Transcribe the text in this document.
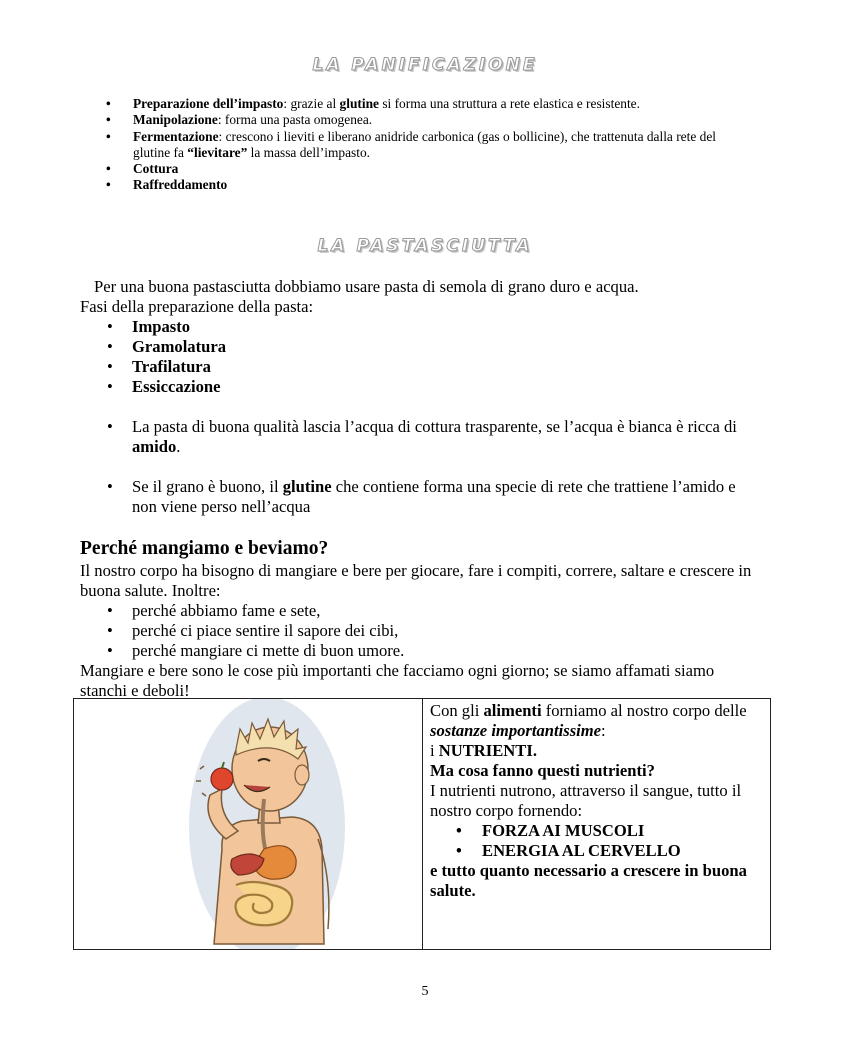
LA PANIFICAZIONE
• Preparazione dell’impasto: grazie al glutine si forma una struttura a rete elastica e resistente.
• Manipolazione: forma una pasta omogenea.
• Fermentazione: crescono i lieviti e liberano anidride carbonica (gas o bollicine), che trattenuta dalla rete del glutine fa “lievitare” la massa dell’impasto.
• Cottura
• Raffreddamento
LA PASTASCIUTTA
Per una buona pastasciutta dobbiamo usare pasta di semola di grano duro e acqua.
Fasi della preparazione della pasta:
• Impasto
• Gramolatura
• Trafilatura
• Essiccazione
• La pasta di buona qualità lascia l’acqua di cottura trasparente, se l’acqua è bianca è ricca di amido.
• Se il grano è buono, il glutine che contiene forma una specie di rete che trattiene l’amido e non viene perso nell’acqua
Perché mangiamo e beviamo?
Il nostro corpo ha bisogno di mangiare e bere per giocare, fare i compiti, correre, saltare e crescere in buona salute. Inoltre:
• perché abbiamo fame e sete,
• perché ci piace sentire il sapore dei cibi,
• perché mangiare ci mette di buon umore.
Mangiare e bere sono le cose più importanti che facciamo ogni giorno; se siamo affamati siamo stanchi e deboli!
Con gli alimenti forniamo al nostro corpo delle sostanze importantissime:
i NUTRIENTI.
Ma cosa fanno questi nutrienti?
I nutrienti nutrono, attraverso il sangue, tutto il nostro corpo fornendo:
• FORZA AI MUSCOLI
• ENERGIA AL CERVELLO
e tutto quanto necessario a crescere in buona salute.
5
